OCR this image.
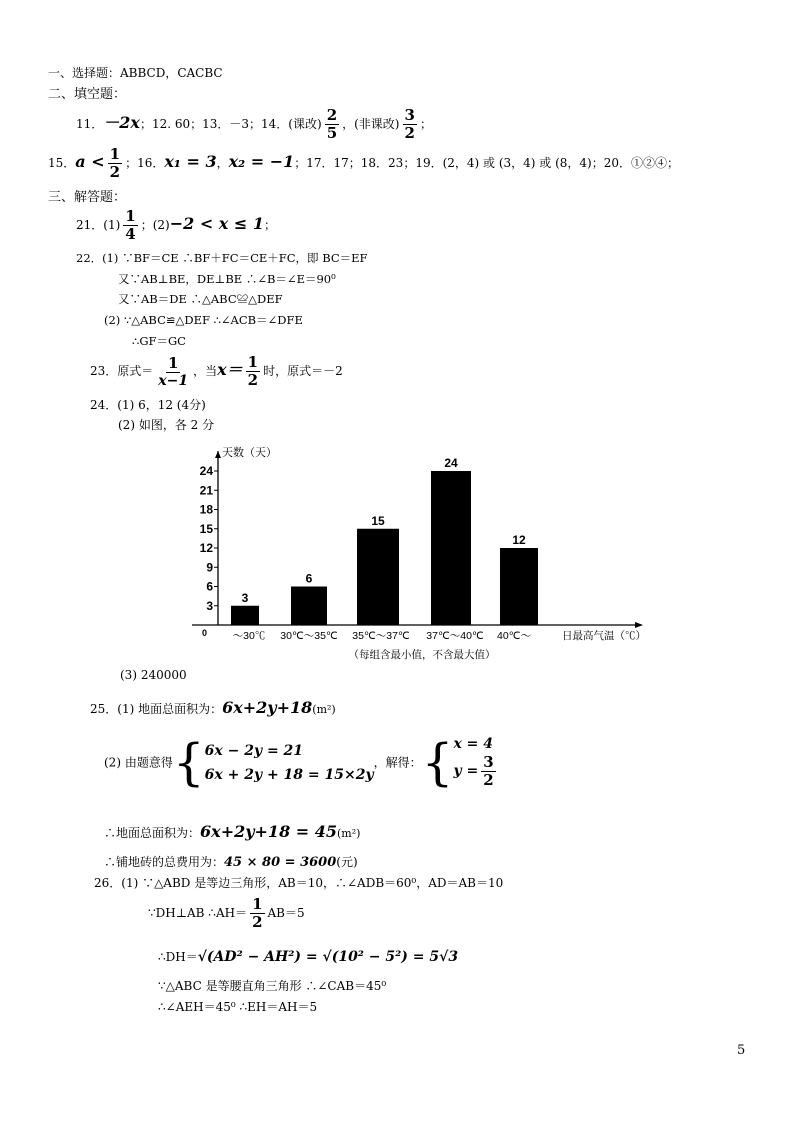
一、选择题：ABBCD，CACBC
二、填空题：
11．－2x；12. 60；13．－3；14．(课改) $\frac{2}{5}$ ，(非课改) $\frac{3}{2}$ ；
15．$a < \frac{1}{2}$ ；16．x₁ = 3，x₂ = −1；17．17；18．23；19．(2，4) 或 (3，4) 或 (8，4)；20．①②④；
三、解答题：
21．$(1) \frac{1}{4}$ ；(2)−2 < x ≤ 1；
22．(1) ∵BF＝CE ∴BF＋FC＝CE＋FC，即 BC＝EF
又∵AB⊥BE，DE⊥BE ∴∠B＝∠E＝90⁰
又∵AB＝DE ∴△ABC≌△DEF
(2) ∵△ABC≌△DEF ∴∠ACB＝∠DFE
∴GF＝GC
23．原式＝ $\frac{1}{x-1}$ ，当$x= \frac{1}{2}$ 时，原式＝－2
24．(1) 6，12 (4分)
(2) 如图，各 2 分
天数（天）
0
3
6
9
12
15
18
21
24
3
6
15
24
12
～30℃ 30℃～35℃ 35℃～37℃ 37℃～40℃ 40℃～	日最高气温（℃）
（每组含最小值，不含最大值）
(3) 240000
25．(1) 地面总面积为：6x+2y+18(m²)
(2) 由题意得{ 6x − 2y = 21
6x + 2y + 18 = 15×2y
，解得：{ x = 4
$y = \frac{3}{2}$
∴地面总面积为：6x+2y+18 = 45(m²)
∴铺地砖的总费用为：45 × 80 = 3600(元)
26．(1) ∵△ABD 是等边三角形，AB＝10，∴∠ADB＝60⁰，AD＝AB＝10
∵DH⊥AB ∴AH＝ $\frac{1}{2} AB=5$
∴DH＝√(AD² − AH²) = √(10² − 5²) = 5√3
∵△ABC 是等腰直角三角形 ∴∠CAB＝45⁰
∴∠AEH＝45⁰ ∴EH＝AH＝5
5
